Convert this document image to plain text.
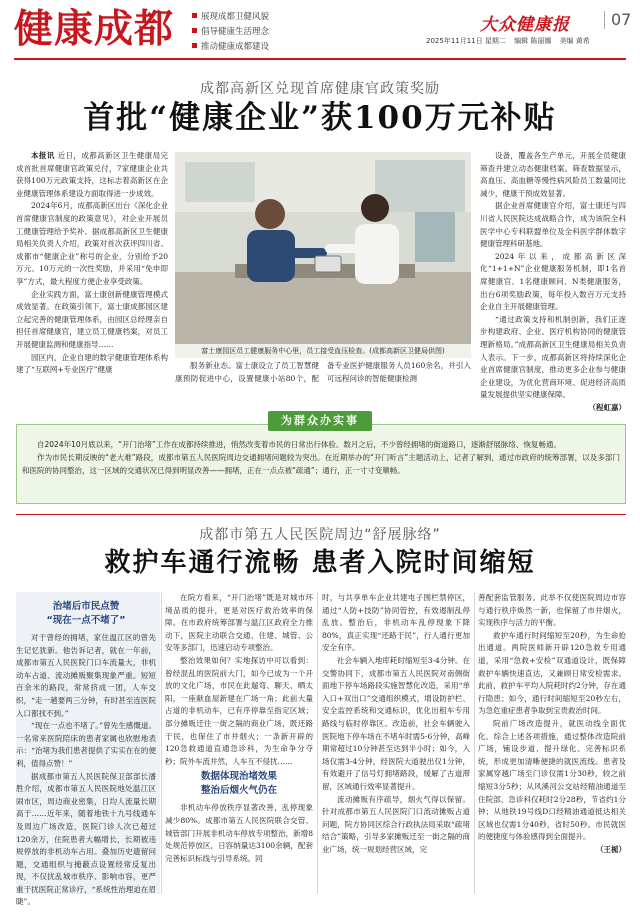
健康成都	展现成都卫健风貌
倡导健康生活理念
推动健康成都建设
大众健康报	07
2025年11月11日 星期二 编辑 陈丽娜 美编 黄希
成都高新区兑现首席健康官政策奖励
首批“健康企业”获100万元补贴

本报讯 近日，成都高新区卫生健康局完成首批首席健康官政策兑付，7家健康企业共获得100万元政策支持，这标志着高新区在企业健康管理体系建设方面取得进一步成效。

2024年6月，成都高新区出台《深化企业首席健康官制度的政策意见》，对企业开展员工健康管理给予奖补。据成都高新区卫生健康局相关负责人介绍，政策对首次获评四川省、成都市“健康企业”称号的企业，分别给予20万元、10万元的一次性奖励，并采用“免申即享”方式，最大程度方便企业享受政策。

企业实践方面，富士康创新健康管理模式成效显著。在政策引领下，富士康成都园区建立起完善的健康管理体系，由园区总经理亲自担任首席健康官，建立员工健康档案，对员工开展健康监测和健康指导……

园区内，企业自建的数字健康管理体系构建了“互联网+专业医疗”健康

富士康园区员工健康服务中心里，员工接受血压检查。(成都高新区卫健局供图)

服务新业态。富士康设立了员工智慧健康预防促进中心，设置健康小站80个，配备专业医护健康服务人员160余名，并引入可远程问诊的智能健康检测

设备，覆盖各生产单元，开展全员健康筛查并建立动态健康档案。筛查数据显示，高血压、高血糖等慢性病风险员工数量同比减少，健康干预成效显著。

据企业首席健康官介绍，富士康还与四川省人民医院达成战略合作，成为该院全科医学中心专科联盟单位及全科医学群体数字健康管理科研基地。

2024年以来，成都高新区深化“1+1+N”企业健康服务机制，即1名首席健康官、1名健康顾问、N类健康服务，出台6项奖励政策，每年投入数百万元支持企业自主开展健康管理。

“通过政策支持和机制创新，我们正逐步构建政府、企业、医疗机构协同的健康管理新格局。”成都高新区卫生健康局相关负责人表示。下一步，成都高新区将持续深化企业首席健康官制度，推动更多企业参与健康企业建设，为优化营商环境、促进经济高质量发展提供坚实健康保障。

（程虹嘉）

为群众办实事

自2024年10月底以来，“开门治堵”工作在成都持续推进，悄然改变着市民的日常出行体验。数月之后，不少曾经拥堵的街道路口，逐渐舒展脉络、恢复畅通。

作为市民长期反映的“老大难”路段，成都市第五人民医院周边交通拥堵问题较为突出。在近期举办的“开门听言”主题活动上，记者了解到，通过市政府的统筹部署，以及多部门和医院的协同整治，这一区域的交通状况已得到明显改善——拥堵，正在一点点被“疏通”；通行，正一寸寸变顺畅。

成都市第五人民医院周边“舒展脉络”
救护车通行流畅 患者入院时间缩短

治堵后市民点赞
“现在一点不堵了”

对于曾经的拥堵，家住温江区的曾先生记忆犹新。他告诉记者，就在一年前，成都市第五人民医院门口车流量大，非机动车占道、流动摊贩聚集现象严重。短短百余米的路段，常常挤成一团，人车交织，“走一趟要两三分钟，有时甚至连医院入口都找不到。”

“现在一点也不堵了。”曾先生感慨道。一名常来医院陪床的患者家属也欣慰地表示：“治堵为我们患者提供了实实在在的便利，值得点赞！”

据成都市第五人民医院保卫部部长潘胜介绍，成都市第五人民医院地处温江区闹市区，周边商业密集，日均人流量长期高于……近年来，随着地铁十九号线通车及周边广场改造，医院门诊人次已超过120余万，住院患者大幅增长，长期被违规停放的非机动车占用。叠加历史遗留问题，交通组织与掩蔽点设置经常反复出现，不仅扰乱城市秩序、影响市容，更严重干扰医院正常诊疗，“系统性治理迫在眉睫”。

在院方看来，“开门治堵”既是对城市环境品质的提升，更是对医疗救治效率的保障。在市政府统筹部署与温江区政府全力推动下，医院主动联合交通、住建、城管、公安等多部门，迅速启动专项整治。

整治效果如何？实地探访中可以看到：曾经混乱的医院前大门，如今已成为一个开放的文化广场，市民在此遛弯、聊天、晒太阳，一座献血屋新建在广场一角；此前大量占道的非机动车，已有序停靠至指定区域；部分摊贩迁往一街之隔的商业广场，既还路于民，也保住了市井烟火；一条新开辟的120急救通道直通急诊科，为生命争分夺秒；院外车流井然，人车互不侵扰……

数据体现治堵效果
整治后烟火气仍在

非机动车停放秩序显著改善，乱停现象减少80%。成都市第五人民医院联合交管、城管部门开展非机动车停放专项整治，新增8处规范停放区，日容纳量达3100余辆，配套完善标识标线与引导系统。同

时，与共享单车企业共建电子围栏禁停区，通过“人防+技防”协同管控，有效遏制乱停乱放。整治后，非机动车乱停现象下降80%，真正实现“还路于民”，行人通行更加安全有序。

社会车辆入地库耗时缩短至3-4分钟。在交警协同下，成都市第五人民医院对南侧街面地下停车场路段实施智慧化改造，采用“单入口+双出口”交通组织模式，增设防护栏、安全监控系统和交通标识，优化出租车专用路线与临时停靠区。改造前，社会车辆驶入医院地下停车场在不堵车时需5-6分钟，高峰期常超过10分钟甚至达到半小时；如今，入场仅需3-4分钟，经医院大道驶出仅1分钟，有效避开了信号灯拥堵路段，缓解了古道滞留，区域通行效率显著提升。

流动摊贩有序疏导，烟火气得以保留。针对成都市第五人民医院门口流动摊贩占道问题，院方协同区综合行政执法局采取“疏堵结合”策略，引导多家摊贩迁至一街之隔的商业广场，统一规划经营区域，完

善配套监管服务。此举不仅使医院周边市容与通行秩序焕然一新，也保留了市井烟火，实现秩序与活力的平衡。

救护车通行时间缩短至20秒，为生命抢出通道。两院医师新开辟120急救专用通道，采用“急救+安检”双通道设计，既保障救护车辆快速直达，又兼顾日常安检需求。此前，救护车平均入院耗时约2分钟，存在通行隐患；如今，通行时间缩短至20秒左右，为急危重症患者争取到宝贵救治时间。

院前广场改造提升，就医动线全面优化。综合上述各项措施，通过整体改造院前广场，铺设步道、提升绿化、完善标识系统，形成更加清晰便捷的就医流线。患者及家属穿越广场至门诊仅需1分30秒，较之前缩短3分5秒；从风溪河公交站经精油通道至住院部、急诊科仅耗时2分28秒，节省约1分钟；从地铁19号线D口经精油通道抵达相关区域也仅需1分40秒，省时50秒。市民就医的便捷度与体验感得到全面提升。

（王栀）
